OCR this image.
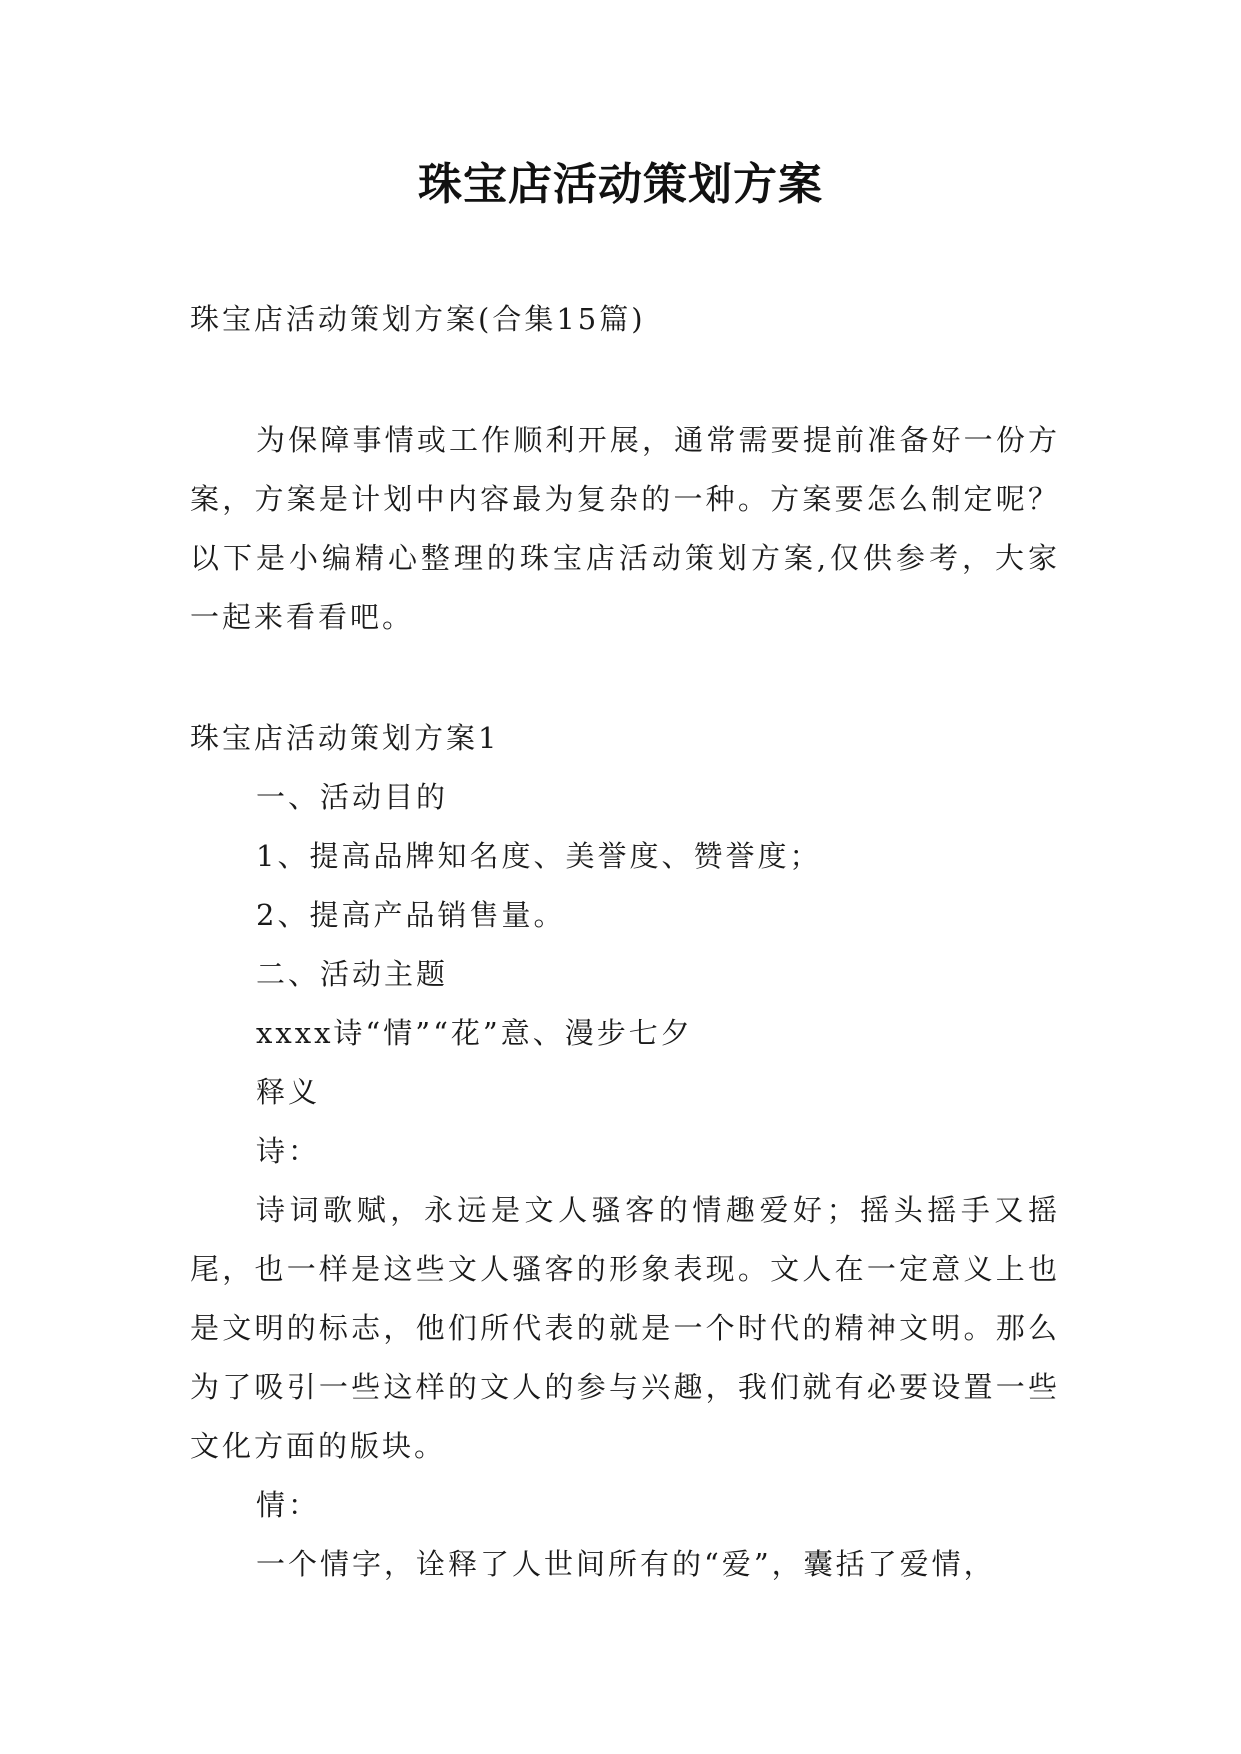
珠宝店活动策划方案

珠宝店活动策划方案(合集15篇)

为保障事情或工作顺利开展，通常需要提前准备好一份方案，方案是计划中内容最为复杂的一种。方案要怎么制定呢？以下是小编精心整理的珠宝店活动策划方案,仅供参考，大家一起来看看吧。

珠宝店活动策划方案1

一、活动目的

1、提高品牌知名度、美誉度、赞誉度；

2、提高产品销售量。

二、活动主题

xxxx诗“情”“花”意、漫步七夕

释义

诗：

诗词歌赋，永远是文人骚客的情趣爱好；摇头摇手又摇尾，也一样是这些文人骚客的形象表现。文人在一定意义上也是文明的标志，他们所代表的就是一个时代的精神文明。那么为了吸引一些这样的文人的参与兴趣，我们就有必要设置一些文化方面的版块。

情：

一个情字，诠释了人世间所有的“爱”，囊括了爱情，
